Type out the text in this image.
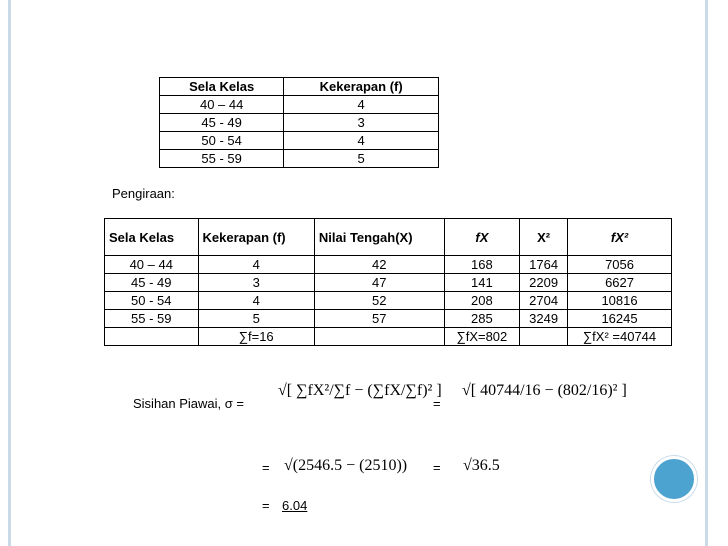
Sela Kelas	Kekerapan (f)
40 – 44	4
45 - 49	3
50 - 54	4
55 - 59	5
Pengiraan:
Sela Kelas	Kekerapan (f)	Nilai Tengah(X)	fX	X²	fX²
40 – 44	4	42	168	1764	7056
45 - 49	3	47	141	2209	6627
50 - 54	4	52	208	2704	10816
55 - 59	5	57	285	3249	16245
	∑f=16		∑fX=802		∑fX² =40744
Sisihan Piawai, σ =
√[ ∑fX²/∑f − (∑fX/∑f)² ]
=
√[ 40744/16 − (802/16)² ]
= √(2546.5 − (2510)) = √36.5
= 6.04
